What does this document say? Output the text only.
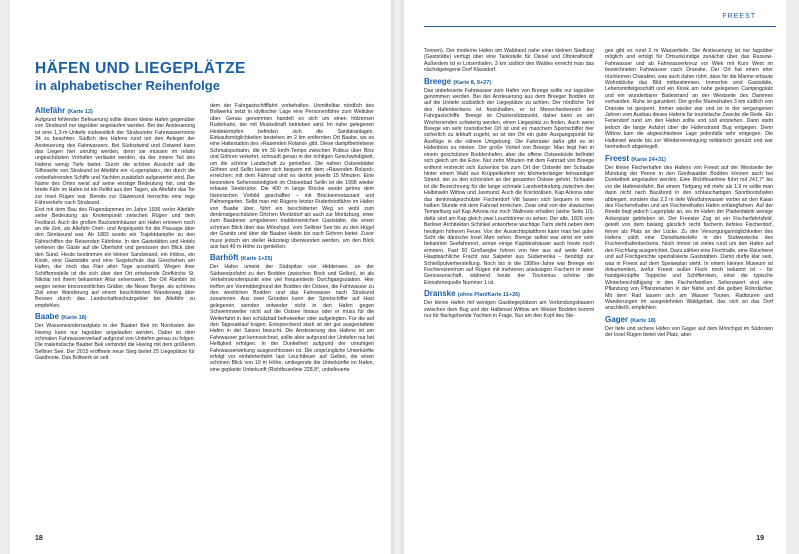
HÄFEN UND LIEGEPLÄTZE
in alphabetischer Reihenfolge
Altefähr (Karte 12)

Aufgrund fehlender Befeuerung sollte dieser kleine Hafen gegenüber von Stralsund nur tagsüber angelaufen werden. Bei der Ansteuerung ist eine 1,3-m-Untiefe südwestlich der Stralsunder Fahrwassertonne 34 zu beachten. Südlich des Hafens rund um den Anleger der Ansteuerung des Fahrwassers. Bei Südostwind und Ostwind kann das Liegen hier unruhig werden, denn sie müssen im relativ ungeschützten Vorhafen verläutet werden, da der innere Teil des Hafens wenig Tiefe bietet. Durch die schöne Aussicht auf die Silhouette von Stralsund ist Altefähr ein »Logenplatz«, der durch die vorbeifahrenden Schiffe und Yachten zusätzlich aufgewertet wird. Der Name des Ortes weist auf seine einstige Bedeutung hin, und die breite Fähr im Hafen ist ein Relikt aus den Tagen, als Altefähr das Tor zur Insel Rügen war. Bereits zur Slawenzeit herrschte eine rege Fährverkehr nach Stralsund.

Erst mit dem Bau des Rügendammes im Jahre 1936 verlor Altefähr seine Bedeutung als Knotenpunkt zwischen Rügen und dem Festland. Auch die großen Backsteinhäuser am Hafen erinnern noch an die Zeit, als Altefähr Dreh- und Angelpunkt für die Passage über den Strelasund war. Ab 1883 wurde ein Trajektdampfer zu den Fährschiffen der Reisenden Fährlinie. In den Gaststätten und Hotels verlieren die Gäste auf die Überfahrt und genossen den Blick über den Sund. Heute bestimmen ein kleiner Sandstrand, ein Imbiss, ein Kiosk, eine Gaststätte und eine Segelschule das Geschehen am Hafen, der noch das Flair alter Tage ausstrahlt. Wegen ihrer Schiffsmodelle ist die sich über den Ort erhebende Dorfkirche St. Nikolai mit ihrem bekannten Altar sehenswert. Der Ort Rambin ist wegen seiner bronzezeitlichen Gräber, die Neuer Berge, als schönes Ziel einer Wanderung auf einem beschilderten Wanderweg über Bessen durch das Landschaftsschutzgebiet bei Altefähr zu empfehlen.

Baabe (Karte 18)

Der Wasserwanderrastplatz in der Baaber Bek im Nordosten der Having kann nur tagsüber angelaufen werden. Dabei ist dem schmalen Fahrwasserverlauf aufgrund von Untiefen genau zu folgen. Die maleristische Baaber Bek verbindet die Having mit dem größeren Selliner See. Der 2015 eröffnete neue Steg bietet 25 Liegeplätze für Gastboote. Das Bollwerk ist seit

dem der Fahrgastschifffahrt vorbehalten. Unmittelbar nördlich des Bollwerks setzt in idyllischer Lage eine Personenfähre zum Weitulier über. Genau genommen handelt es sich um einen hölzernen Ruderkahn, der mit Muskelkraft betrieben wird. Im nahe gelegenen Heidekempfen befinden sich die Sanitäranlagen. Einkaufsmöglichkeiten bestehen im 2 km entfernten Ort Baabe, wo es eine Haltestation des »Rasenden Roland« gibt. Diese dampfbetriebene Schmalspurbahn, die im 30 km/h-Tempo zwischen Putbus über Binz und Göhren verkehrt, schnauft genau in der richtigen Geschwindigkeit, um die schöne Landschaft zu genießen. Die nahen Ostseebäder Göhren und Sellin lassen sich bequem mit dem »Rasenden Roland« erreichen: mit dem Fahrrad sind es derhin jeweils 15 Minuten. Eine besondere Sehenswürdigkeit im Ostseebad Sellin ist die 1998 wieder erbaute Seebrücke. Die 400 m lange Brücke wurde getreu dem historischen Vorbild geschaffen – mit Brückenrestaurant und Palmengarten. Selbt man mit Rügens letzter Ruderbootfähre im Hafen von Baabe über, führt ein beschilderter Weg so wohl zum denkmalgeschützten Örtchen Moritzdorf als auch zur Moritzburg, einer zum Baabener umgebenen traditionsreichen Gaststätte, die einen schönen Blick über das Mönchgut, vom Selliner See bis zu den Hügel der Granitz und über die Baaber Heide bis nach Göhren bietet. Zuvor muss jedoch ein steiler Holzsteig überwunden werden, um den Blick aus fast 40 m Höhe zu genießen.

Barhöft (Karte 1+25)

Der Hafen umeist der Südspitze von Hiddensee, an der Südwestzufahrt zu den Bodden (zwischen Bock und Gellen), ist als Verkehrsknotenpunkt eine viel frequentierte Durchgangsstation. Hier treffen am Vorenddeighund der Bodden der Ostsee, die Fahrwasser zu den westlichen Bodden und das Fahrwasser nach Stralsund zusammen. Aus zwei Gründen kann der Sportschiffer auf Hast gelegenen wenden entweder nicht in den Hafen gegen Schwemnwetter nicht auf die Ostsee hinaus oder er muss für die Weiterfahrt in den schützbad befreiwetter oder aufgelegten. Für die auf den Tagesablauf tragen. Entsprechend stark ist der gut ausgestattete Hafen in der Saison besucht. Die Ansteuerung des Hafens ist am Fahrwasser gut kennzeichnet, sollte aber aufgrund der Untiefen nur bei Helligkeit erfolgen. In der Dunkelheit aufgrund der unruhigen Fahrwasserwirkung ausgeschlossen ist. Die ursprüngliche Unterkünfte erfolgt vor einfahrtenfahrt laut Leuchtfeuer auf Gellen, die einen schönen Blick von 10 m Höhe, umliegende die Unterkünfte im Hafen, eine geplante Unterkunft (Richtfeuerlinie 228,8°, unbefeuerte

18
FREEST

Tonnen). Der moderne Hafen am Waldrand nahe einer kleinen Siedlung (Gaststätte) verfügt über eine Tankstelle für Diesel und Ottokraftstoff. Außerdem ist er Lotsenhafen. 3 km südlich des Waldes erreicht man das nächstgelegene Dorf Klausdorf.

Breege (Karte 8, 9+27)

Das unbefeuerte Fahrwasser zum Hafen von Breege sollte nur tagsüber genommen werden. Bei der Ansteuerung aus dem Breeger Bodden ist auf die Untiefe südöstlich der Liegeplätze zu achten. Der nördliche Teil des Hafenbeckens ist freizuhalten, er ist Menschenbereich der Fahrgastschiffe. Breege ist Charterstützpunkt, daher kann es am Wochenenden schwierig werden, einen Liegeplatz zu finden. Auch wenn Breege ein sehr touristischer Ort ist und es manchem Sportschiffer hier sicherlich zu lebhaft zugeht, so ist der Ort ein guter Ausgangspunkt für Ausflüge in die nähere Umgebung. Die Fahrräder dafür gibt es im Hafenbüro zu mieten. Der große Vorteil von Breege: Man liegt hier in einem geschützten Boddenhafen, aber die offene Ostseeküste befindet sich gleich um die Ecke. Nur zehn Minuten mit dem Fahrrad von Breege entfernt erstreckt sich lückenlos bis zum Ort der Ostseite der Schaabe hinter einem Wald aus Krüppelkiefern ein kilometerlanger feinsandiger Strand, der zu den schönsten an der gesamten Ostsee gehört. Schaabe ist die Bezeichnung für die lange schmale Landverbindung zwischen den Halbinseln Wittow und Jasmund. Auch die Knicktollsen, Kap Arkona oder das denkmalgeschützte Fischerdorf Vitt lassen sich bequem in einer halben Stunde mit dem Fahrrad erreichen. Zwar sind von der slawischen Tempelburg auf Kap Arkona nur noch Wallreste erhalten (siehe Seite 10), dafür sind am Kap gleich zwei Leuchttürme zu sehen. Der alte, 1826 vom Berliner Architekten Schinkel entworfene wuchtige Turm steht neben dem heutigen höheren Feuer. Von der Aussichtsplattform kann man bei guter Sicht die dänische Insel Møn sehen. Breege selbst war einst ein sehr bekannter Seefahrerort, woran einige Kapitänshäuser auch heute noch erinnern. Fast 50 Großsegler fuhren von hier aus auf weite Fahrt. Hauptsächliche Fracht war Salpeter aus Südamerika – benötigt zur Schießpulverherstellung. Noch bis in die 1990er-Jahre war Breege ein Fischereizentrum auf Rügen mit mehreren ansässigen Fischern in einer Genossenschaft, während heute der Tourismus schöne die Einnahmequelle Nummer 1 ist.

Dranske (ohne Plan/Karte 11+26)

Der kleine Hafen mit wenigen Gastliegeplätzen am Verbindungsbauern zwischen dem Bug und der Halbinsel Wittow am Wieker Bodden kommt nur für flachgehende Yachten in Frage. Nur am den Kopf des Ste-

ges gibt es rund 2 m Wassertiefe. Die Ansteuerung ist nur tagsüber möglich und erfolgt für Ortsunkundige zunächst über das Rassow-Fahrwasser und ab Fahrwasserkreuz vor Wiek mit Kurs West im bezeichneten Fahrwasser nach Dranske. Der Ort hat einen eher nüchternen Charakter, was auch daher rührt, dass für die Marine erbaute Wohnblöcke das Bild mitbestimmen. Immerhin sind Gaststätte, Lebensmittelgeschäft und ein Kiosk am nahe gelegenen Campingplatz und ein wunderbarer Badestrand an der Westseite des Dammes vorhanden. Ruhe ist garantiert. Der große Marinehafen 3 km südlich von Dranske ist gesperrt. Immer wieder war und ist in der vergangenen Jahren vom Ausbau dieses Hafens für touristische Zwecke die Rede. Ein Feriendorf rund um den Hafen sollte und soll entstehen. Dann steht jedoch die lange Asfahrt über die Hafenstrand Bug entgegen. Denn Wittow kam die abgeschiedene Lage jedenfalls sehr entgegen. Die Halbinsel wurde bis zur Wiedervereinigung militärisch genutzt und war hermetisch abgeriegelt.

Freest (Karte 24+31)

Der kleine Fischerhafen des Hafens von Freest auf der Westseite der Mündung der Peene in den Greifswalder Bodden können auch bei Dunkelheit angelaufen werden. Eine Richtfeuerlinie führt mit 241,7° bis vor die Hafeneinfahrt. Bei einem Tiefgang mit mehr als 1,9 m sollte man dann nicht nach Backbord in den schlauchartigen Sportbootshafen abbiegen, sondern das 2,2 m tiefe Westfahrwasser vorbei an den Kaian des Fischereihafen und am Fischereihafen Hafen entlangfahren. Auf der Reede liegt jedoch Lagerplatz an, wo im Hafen der Plattenfabrik wenige Ankerplatz geblieben ist. Der Freester Zug ist ein Fischerfahrtsfeld, geteilt von dem bislang gänzlich recht fischerin tiefstes Fischerdorf, ferner als Platz an der Lücke. Zu den Versorgungsmöglichkeiten des Hafens zählt eine Dieseltankstelle in der Südwestecke des Fischereihafenbeckens. Noch immer ist vieles rund um den Hafen auf den Fischfang ausgerichtet. Dazu zählen eine Fischhalle, eine Räucherei und auf Fischgerichte spezialisierte Gaststätten. Damit dürfte klar sein, was in Freest auf dem Speiseplan steht. In einem kleinen Museum ist dokumentiert, wofür Freest außer Fisch noch bekannt ist – für handgeknüpfte Teppiche und Schifferreien, einst die typische Winterbeschäftigung in den Fischerfamilien. Sehenswert sind eine Pflanzung von Pflanzenarten in der Nähe und die gelben Rohrdächer. Mit dem Rad lassen sich am Wasser Touren, Radtouren und Wanderungen im ausgedehnten Waldgebiet, das sich an das Dorf anschließt, empfehlen.

Gager (Karte 18)

Der tiefe und sichere Hafen von Gager auf dem Mönchgut im Südosten der Insel Rügen bietet viel Platz, aber

19
